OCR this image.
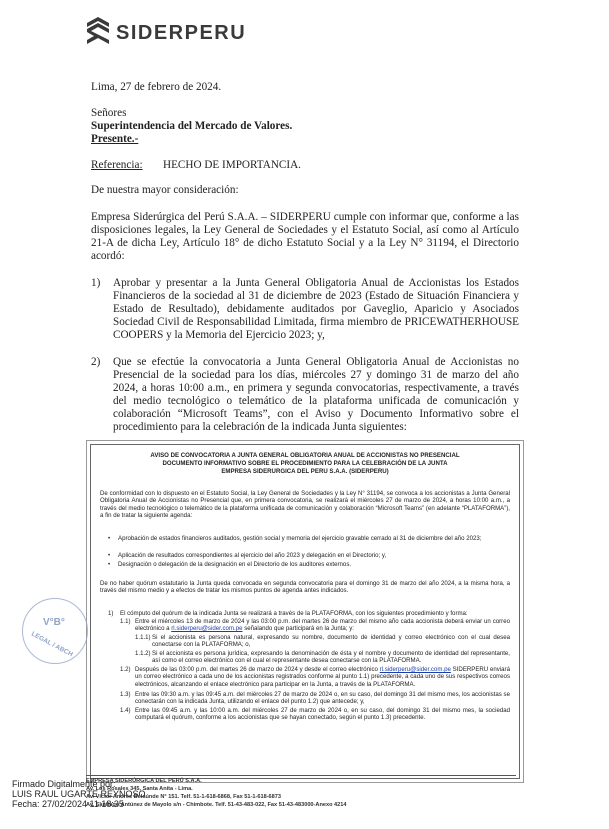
SIDERPERU
Lima, 27 de febrero de 2024.
Señores
Superintendencia del Mercado de Valores.
Presente.-
Referencia: HECHO DE IMPORTANCIA.
De nuestra mayor consideración:
Empresa Siderúrgica del Perú S.A.A. – SIDERPERU cumple con informar que, conforme a las disposiciones legales, la Ley General de Sociedades y el Estatuto Social, así como al Artículo 21-A de dicha Ley, Artículo 18° de dicho Estatuto Social y a la Ley N° 31194, el Directorio acordó:
1) Aprobar y presentar a la Junta General Obligatoria Anual de Accionistas los Estados Financieros de la sociedad al 31 de diciembre de 2023 (Estado de Situación Financiera y Estado de Resultado), debidamente auditados por Gaveglio, Aparicio y Asociados Sociedad Civil de Responsabilidad Limitada, firma miembro de PRICEWATHERHOUSE COOPERS y la Memoria del Ejercicio 2023; y,
2) Que se efectúe la convocatoria a Junta General Obligatoria Anual de Accionistas no Presencial de la sociedad para los días, miércoles 27 y domingo 31 de marzo del año 2024, a horas 10:00 a.m., en primera y segunda convocatorias, respectivamente, a través del medio tecnológico o telemático de la plataforma unificada de comunicación y colaboración “Microsoft Teams”, con el Aviso y Documento Informativo sobre el procedimiento para la celebración de la indicada Junta siguientes:
AVISO DE CONVOCATORIA A JUNTA GENERAL OBLIGATORIA ANUAL DE ACCIONISTAS NO PRESENCIAL
DOCUMENTO INFORMATIVO SOBRE EL PROCEDIMIENTO PARA LA CELEBRACIÓN DE LA JUNTA
EMPRESA SIDERURGICA DEL PERU S.A.A. (SIDERPERU)
De conformidad con lo dispuesto en el Estatuto Social, la Ley General de Sociedades y la Ley N° 31194, se convoca a los accionistas a Junta General Obligatoria Anual de Accionistas no Presencial que, en primera convocatoria, se realizará el miércoles 27 de marzo de 2024, a horas 10:00 a.m., a través del medio tecnológico o telemático de la plataforma unificada de comunicación y colaboración “Microsoft Teams” (en adelante “PLATAFORMA”), a fin de tratar la siguiente agenda:
• Aprobación de estados financieros auditados, gestión social y memoria del ejercicio gravable cerrado al 31 de diciembre del año 2023;
• Aplicación de resultados correspondientes al ejercicio del año 2023 y delegación en el Directorio; y,
• Designación o delegación de la designación en el Directorio de los auditores externos.
De no haber quórum estatutario la Junta queda convocada en segunda convocatoria para el domingo 31 de marzo del año 2024, a la misma hora, a través del mismo medio y a efectos de tratar los mismos puntos de agenda antes indicados.
1) El cómputo del quórum de la indicada Junta se realizará a través de la PLATAFORMA, con los siguientes procedimiento y forma:
1.1) Entre el miércoles 13 de marzo de 2024 y las 03:00 p.m. del martes 26 de marzo del mismo año cada accionista deberá enviar un correo electrónico a rl.siderperu@sider.com.pe señalando que participará en la Junta; y:
1.1.1) Si el accionista es persona natural, expresando su nombre, documento de identidad y correo electrónico con el cual desea conectarse con la PLATAFORMA; o,
1.1.2) Si el accionista es persona jurídica, expresando la denominación de ésta y el nombre y documento de identidad del representante, así como el correo electrónico con el cual el representante desea conectarse con la PLATAFORMA.
1.2) Después de las 03:00 p.m. del martes 26 de marzo de 2024 y desde el correo electrónico rl.siderperu@sider.com.pe SIDERPERU enviará un correo electrónico a cada uno de los accionistas registrados conforme al punto 1.1) precedente, a cada uno de sus respectivos correos electrónicos, alcanzando el enlace electrónico para participar en la Junta, a través de la PLATAFORMA.
1.3) Entre las 09:30 a.m. y las 09:45 a.m. del miércoles 27 de marzo de 2024 o, en su caso, del domingo 31 del mismo mes, los accionistas se conectarán con la indicada Junta, utilizando el enlace del punto 1.2) que antecede; y,
1.4) Entre las 09:45 a.m. y las 10:00 a.m. del miércoles 27 de marzo de 2024 o, en su caso, del domingo 31 del mismo mes, la sociedad computará el quórum, conforme a los accionistas que se hayan conectado, según el punto 1.3) precedente.
V°B°
LEGAL / ABCH
EMPRESA SIDERÚRGICA DEL PERÚ S.A.A.
Av. Los Rosales 345, Santa Anita - Lima.
Av. Víctor Andrés Belaúnde N° 151. Telf. 51-1-618-6868, Fax 51-1-618-6873
Av. Santiago Antúnez de Mayolo s/n - Chimbote. Telf. 51-43-483-022, Fax 51-43-483000-Anexo 4214
Firmado Digitalmente por:
LUIS RAUL UGARTE REYNOSO
Fecha: 27/02/2024 11:18:35
